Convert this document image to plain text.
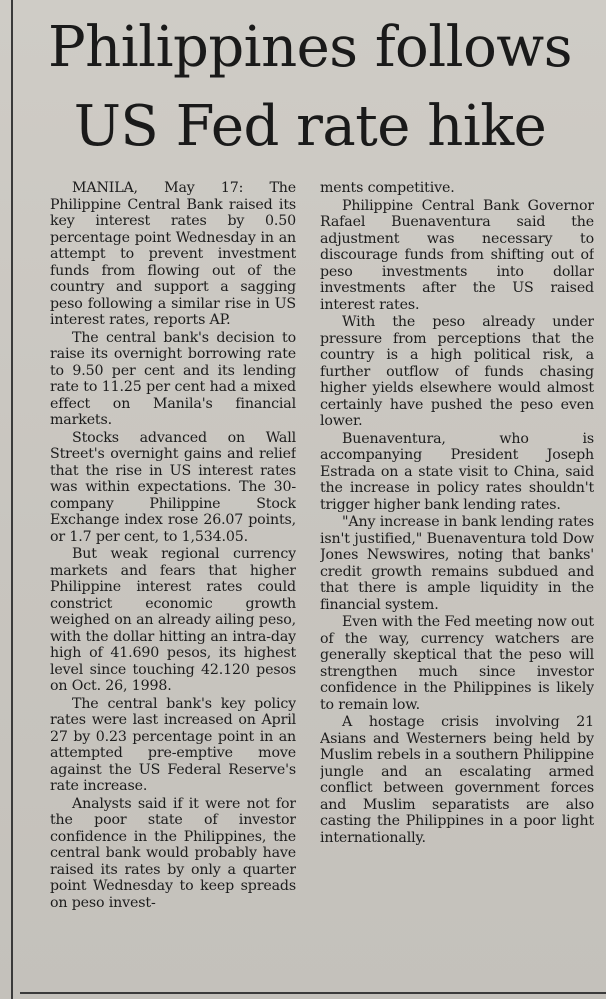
Philippines follows
US Fed rate hike

MANILA, May 17: The Philippine Central Bank raised its key interest rates by 0.50 percentage point Wednesday in an attempt to prevent investment funds from flowing out of the country and support a sagging peso following a similar rise in US interest rates, reports AP.

The central bank's decision to raise its overnight borrowing rate to 9.50 per cent and its lending rate to 11.25 per cent had a mixed effect on Manila's financial markets.

Stocks advanced on Wall Street's overnight gains and relief that the rise in US interest rates was within expectations. The 30-company Philippine Stock Exchange index rose 26.07 points, or 1.7 per cent, to 1,534.05.

But weak regional currency markets and fears that higher Philippine interest rates could constrict economic growth weighed on an already ailing peso, with the dollar hitting an intra-day high of 41.690 pesos, its highest level since touching 42.120 pesos on Oct. 26, 1998.

The central bank's key policy rates were last increased on April 27 by 0.23 percentage point in an attempted pre-emptive move against the US Federal Reserve's rate increase.

Analysts said if it were not for the poor state of investor confidence in the Philippines, the central bank would probably have raised its rates by only a quarter point Wednesday to keep spreads on peso invest-

ments competitive.

Philippine Central Bank Governor Rafael Buenaventura said the adjustment was necessary to discourage funds from shifting out of peso investments into dollar investments after the US raised interest rates.

With the peso already under pressure from perceptions that the country is a high political risk, a further outflow of funds chasing higher yields elsewhere would almost certainly have pushed the peso even lower.

Buenaventura, who is accompanying President Joseph Estrada on a state visit to China, said the increase in policy rates shouldn't trigger higher bank lending rates.

"Any increase in bank lending rates isn't justified," Buenaventura told Dow Jones Newswires, noting that banks' credit growth remains subdued and that there is ample liquidity in the financial system.

Even with the Fed meeting now out of the way, currency watchers are generally skeptical that the peso will strengthen much since investor confidence in the Philippines is likely to remain low.

A hostage crisis involving 21 Asians and Westerners being held by Muslim rebels in a southern Philippine jungle and an escalating armed conflict between government forces and Muslim separatists are also casting the Philippines in a poor light internationally.
